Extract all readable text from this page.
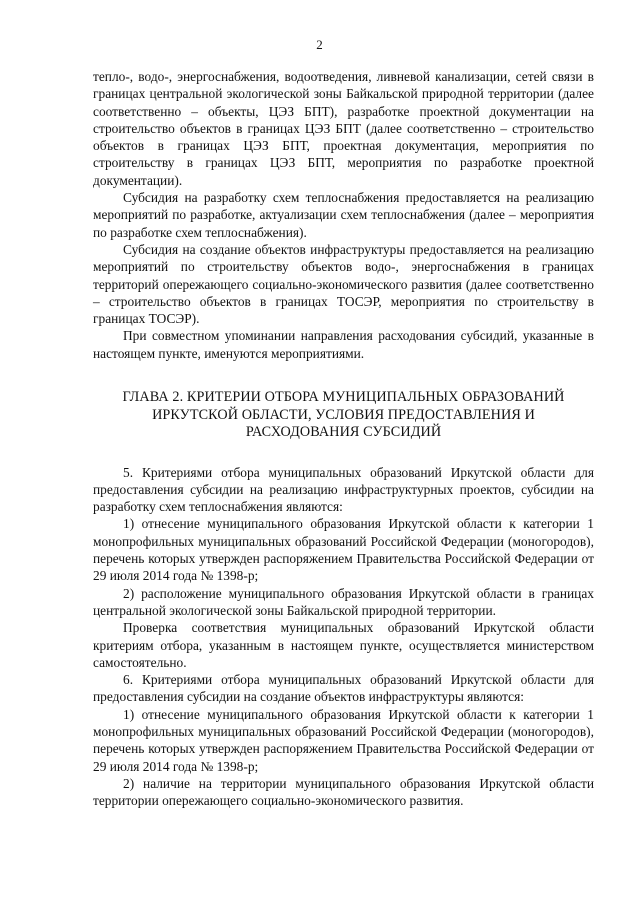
2

тепло-, водо-, энергоснабжения, водоотведения, ливневой канализации, сетей связи в границах центральной экологической зоны Байкальской природной территории (далее соответственно – объекты, ЦЭЗ БПТ), разработке проектной документации на строительство объектов в границах ЦЭЗ БПТ (далее соответственно – строительство объектов в границах ЦЭЗ БПТ, проектная документация, мероприятия по строительству в границах ЦЭЗ БПТ, мероприятия по разработке проектной документации).

Субсидия на разработку схем теплоснабжения предоставляется на реализацию мероприятий по разработке, актуализации схем теплоснабжения (далее – мероприятия по разработке схем теплоснабжения).

Субсидия на создание объектов инфраструктуры предоставляется на реализацию мероприятий по строительству объектов водо-, энергоснабжения в границах территорий опережающего социально-экономического развития (далее соответственно – строительство объектов в границах ТОСЭР, мероприятия по строительству в границах ТОСЭР).

При совместном упоминании направления расходования субсидий, указанные в настоящем пункте, именуются мероприятиями.

ГЛАВА 2. КРИТЕРИИ ОТБОРА МУНИЦИПАЛЬНЫХ ОБРАЗОВАНИЙ
ИРКУТСКОЙ ОБЛАСТИ, УСЛОВИЯ ПРЕДОСТАВЛЕНИЯ И
РАСХОДОВАНИЯ СУБСИДИЙ

5. Критериями отбора муниципальных образований Иркутской области для предоставления субсидии на реализацию инфраструктурных проектов, субсидии на разработку схем теплоснабжения являются:

1) отнесение муниципального образования Иркутской области к категории 1 монопрофильных муниципальных образований Российской Федерации (моногородов), перечень которых утвержден распоряжением Правительства Российской Федерации от 29 июля 2014 года № 1398-р;

2) расположение муниципального образования Иркутской области в границах центральной экологической зоны Байкальской природной территории.

Проверка соответствия муниципальных образований Иркутской области критериям отбора, указанным в настоящем пункте, осуществляется министерством самостоятельно.

6. Критериями отбора муниципальных образований Иркутской области для предоставления субсидии на создание объектов инфраструктуры являются:

1) отнесение муниципального образования Иркутской области к категории 1 монопрофильных муниципальных образований Российской Федерации (моногородов), перечень которых утвержден распоряжением Правительства Российской Федерации от 29 июля 2014 года № 1398-р;

2) наличие на территории муниципального образования Иркутской области территории опережающего социально-экономического развития.
